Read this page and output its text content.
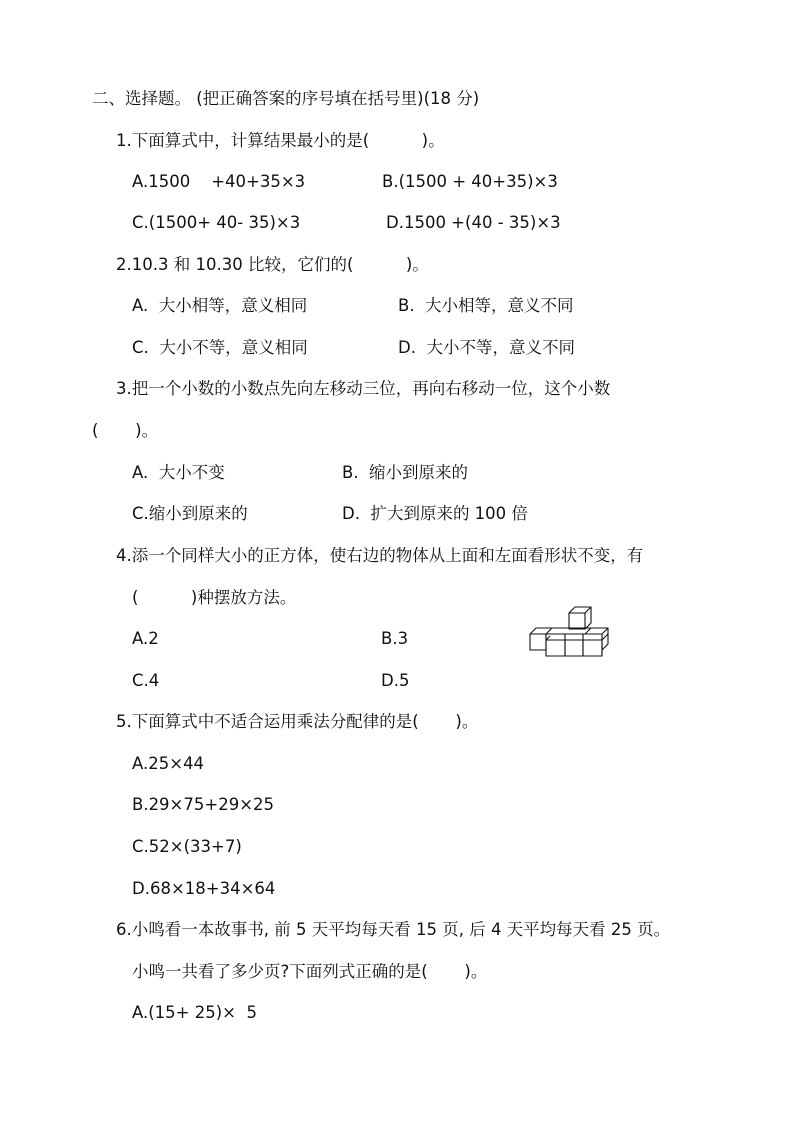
二、选择题。 (把正确答案的序号填在括号里)(18 分)
1.下面算式中，计算结果最小的是(          )。
A.1500    +40+35×3	B.(1500 + 40+35)×3
C.(1500+ 40- 35)×3	D.1500 +(40 - 35)×3
2.10.3 和 10.30 比较，它们的(          )。
A.  大小相等，意义相同	B.  大小相等，意义不同
C.  大小不等，意义相同	D.  大小不等，意义不同
3.把一个小数的小数点先向左移动三位，再向右移动一位，这个小数
(       )。
A.  大小不变	B.  缩小到原来的
C.缩小到原来的	D.  扩大到原来的 100 倍
4.添一个同样大小的正方体，使右边的物体从上面和左面看形状不变，有
(          )种摆放方法。
A.2	B.3
C.4	D.5
5.下面算式中不适合运用乘法分配律的是(       )。
A.25×44
B.29×75+29×25
C.52×(33+7)
D.68×18+34×64
6.小鸣看一本故事书, 前 5 天平均每天看 15 页, 后 4 天平均每天看 25 页。
小鸣一共看了多少页?下面列式正确的是(       )。
A.(15+ 25)×  5
